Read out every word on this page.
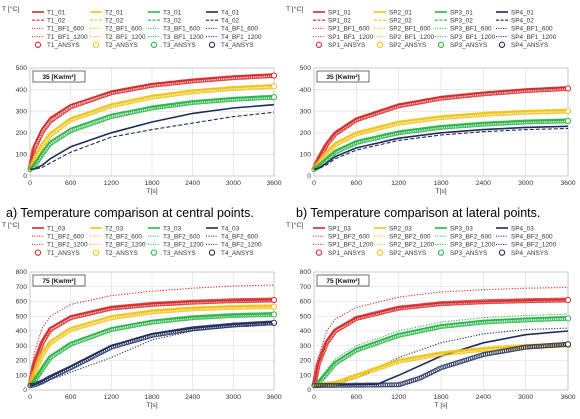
T1_01	T2_01	T3_01	T4_01
T1_02	T2_02	T3_02	T4_02
T1_BF1_600	T2_BF1_600	T3_BF1_600	T4_BF1_600
T1_BF1_1200	T2_BF1_1200	T3_BF1_1200	T4_BF1_1200
T1_ANSYS	T2_ANSYS	T3_ANSYS	T4_ANSYS
0
100
200
300
400
500
0	600	1200	1800	2400	3000	3600
T [°C]
T[s]
35 [Kw/m²]
SP1_01	SP2_01	SP3_01	SP4_01
SP1_02	SP2_02	SP3_02	SP4_02
SP1_BF1_600	SP2_BF1_600	SP3_BF1_600	SP4_BF1_600
SP1_BF1_1200 SP2_BF1_1200 SP3_BF1_1200 SP4_BF1_1200
SP1_ANSYS	SP2_ANSYS	SP3_ANSYS	SP4_ANSYS
0
100
200
300
400
500
0	600	1200	1800	2400	3000	3600
T [°C]
T[s]
35 [Kw/m²]
T1_03	T2_03	T3_03	T4_03
T1_BF2_600	T2_BF2_600	T3_BF2_600	T4_BF2_600
T1_BF2_1200	T2_BF2_1200	T3_BF2_1200	T4_BF2_1200
T1_ANSYS	T2_ANSYS	T3_ANSYS	T4_ANSYS
0
100
200
300
400
500
600
700
800
0	600	1200	1800	2400	3000	3600
T [°C]
T[s]
75 [Kw/m²]
SP1_03	SP2_03	SP3_03	SP4_03
SP1_BF2_600	SP2_BF2_600	SP3_BF2_600	SP4_BF2_600
SP1_BF2_1200 SP2_BF2_1200 SP3_BF2_1200 SP4_BF2_1200
SP1_ANSYS	SP2_ANSYS	SP3_ANSYS	SP4_ANSYS
0
100
200
300
400
500
600
700
800
0	600	1200	1800	2400	3000	3600
T [°C]
T [s]
75 [Kw/m²]
a) Temperature comparison at central points.	b) Temperature comparison at lateral points.
